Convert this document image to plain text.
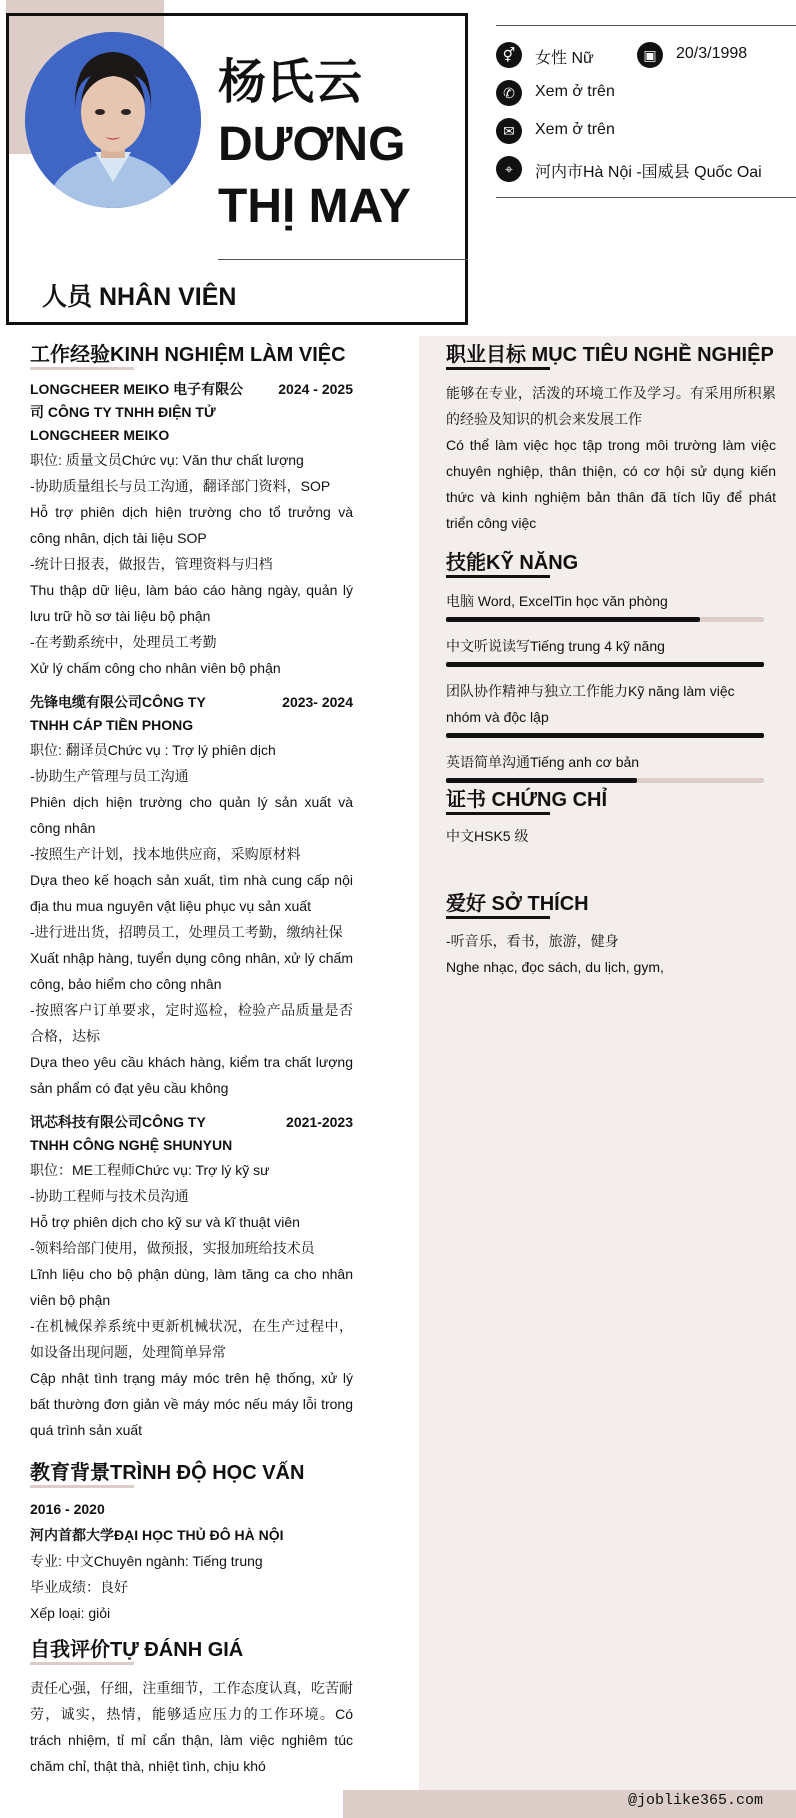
杨氏云
DƯƠNG
THỊ MAY
人员 NHÂN VIÊN
⚥	女性 Nữ	▣	20/3/1998
✆	Xem ở trên
✉	Xem ở trên
⌖	河内市Hà Nội -国威县 Quốc Oai
工作经验KINH NGHIỆM LÀM VIỆC
LONGCHEER MEIKO 电子有限公司 CÔNG TY TNHH ĐIỆN TỬ LONGCHEER MEIKO
2024 - 2025
职位: 质量文员Chức vụ: Văn thư chất lượng
-协助质量组长与员工沟通，翻译部门资料，SOP
Hỗ trợ phiên dịch hiện trường cho tổ trưởng và công nhân, dịch tài liệu SOP
-统计日报表，做报告，管理资料与归档
Thu thập dữ liệu, làm báo cáo hàng ngày, quản lý lưu trữ hồ sơ tài liệu bộ phận
-在考勤系统中，处理员工考勤
Xử lý chấm công cho nhân viên bộ phận
先锋电缆有限公司CÔNG TY TNHH CÁP TIỀN PHONG
2023- 2024
职位: 翻译员Chức vụ : Trợ lý phiên dịch
-协助生产管理与员工沟通
Phiên dịch hiện trường cho quản lý sản xuất và công nhân
-按照生产计划，找本地供应商，采购原材料
Dựa theo kế hoạch sản xuất, tìm nhà cung cấp nội địa thu mua nguyên vật liệu phục vụ sản xuất
-进行进出货，招聘员工，处理员工考勤，缴纳社保
Xuất nhập hàng, tuyển dụng công nhân, xử lý chấm công, bảo hiểm cho công nhân
-按照客户订单要求，定时巡检，检验产品质量是否合格，达标
Dựa theo yêu cầu khách hàng, kiểm tra chất lượng sản phẩm có đạt yêu cầu không
讯芯科技有限公司CÔNG TY TNHH CÔNG NGHỆ SHUNYUN
2021-2023
职位：ME工程师Chức vụ: Trợ lý kỹ sư
-协助工程师与技术员沟通
Hỗ trợ phiên dịch cho kỹ sư và kĩ thuật viên
-领料给部门使用，做预报，实报加班给技术员
Lĩnh liệu cho bộ phận dùng, làm tăng ca cho nhân viên bộ phận
-在机械保养系统中更新机械状况，在生产过程中，如设备出现问题，处理简单异常
Cập nhật tình trạng máy móc trên hệ thống, xử lý bất thường đơn giản về máy móc nếu máy lỗi trong quá trình sản xuất
教育背景TRÌNH ĐỘ HỌC VẤN
2016 - 2020
河内首都大学ĐẠI HỌC THỦ ĐÔ HÀ NỘI
专业: 中文Chuyên ngành: Tiếng trung
毕业成绩：良好
Xếp loại: giỏi
自我评价TỰ ĐÁNH GIÁ
责任心强，仔细，注重细节，工作态度认真，吃苦耐劳，诚实，热情，能够适应压力的工作环境。Có trách nhiệm, tỉ mỉ cẩn thận, làm việc nghiêm túc chăm chỉ, thật thà, nhiệt tình, chịu khó
职业目标 MỤC TIÊU NGHỀ NGHIỆP
能够在专业，活泼的环境工作及学习。有采用所积累的经验及知识的机会来发展工作
Có thể làm việc học tập trong môi trường làm việc chuyên nghiệp, thân thiện, có cơ hội sử dụng kiến thức và kinh nghiệm bản thân đã tích lũy để phát triển công việc
技能KỸ NĂNG
电脑 Word, ExcelTin học văn phòng
中文听说读写Tiếng trung 4 kỹ năng
团队协作精神与独立工作能力Kỹ năng làm việc nhóm và độc lập
英语简单沟通Tiếng anh cơ bản
证书 CHỨNG CHỈ
中文HSK5 级
爱好 SỞ THÍCH
-听音乐，看书，旅游，健身
Nghe nhạc, đọc sách, du lịch, gym,
@joblike365.com
